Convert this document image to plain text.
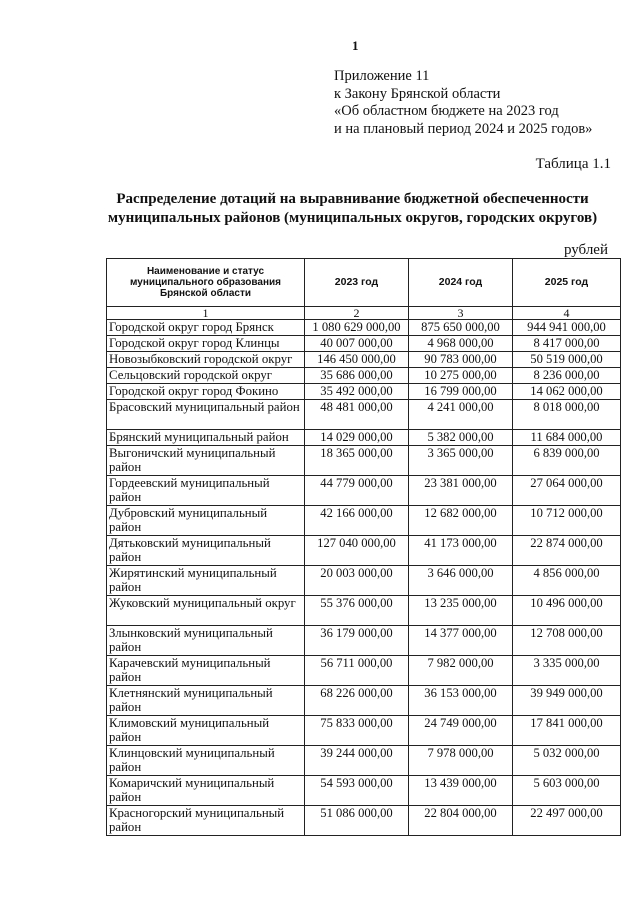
1
Приложение 11
к Закону Брянской области
«Об областном бюджете на 2023 год
и на плановый период 2024 и 2025 годов»
Таблица 1.1
Распределение дотаций на выравнивание бюджетной обеспеченности
муниципальных районов (муниципальных округов, городских округов)
рублей
Наименование и статус муниципального образования Брянской области	2023 год	2024 год	2025 год
1	2	3	4
Городской округ город Брянск	1 080 629 000,00	875 650 000,00	944 941 000,00
Городской округ город Клинцы	40 007 000,00	4 968 000,00	8 417 000,00
Новозыбковский городской округ	146 450 000,00	90 783 000,00	50 519 000,00
Сельцовский городской округ	35 686 000,00	10 275 000,00	8 236 000,00
Городской округ город Фокино	35 492 000,00	16 799 000,00	14 062 000,00
Брасовский муниципальный район	48 481 000,00	4 241 000,00	8 018 000,00
Брянский муниципальный район	14 029 000,00	5 382 000,00	11 684 000,00
Выгоничский муниципальный район	18 365 000,00	3 365 000,00	6 839 000,00
Гордеевский муниципальный район	44 779 000,00	23 381 000,00	27 064 000,00
Дубровский муниципальный район	42 166 000,00	12 682 000,00	10 712 000,00
Дятьковский муниципальный район	127 040 000,00	41 173 000,00	22 874 000,00
Жирятинский муниципальный район	20 003 000,00	3 646 000,00	4 856 000,00
Жуковский муниципальный округ	55 376 000,00	13 235 000,00	10 496 000,00
Злынковский муниципальный район	36 179 000,00	14 377 000,00	12 708 000,00
Карачевский муниципальный район	56 711 000,00	7 982 000,00	3 335 000,00
Клетнянский муниципальный район	68 226 000,00	36 153 000,00	39 949 000,00
Климовский муниципальный район	75 833 000,00	24 749 000,00	17 841 000,00
Клинцовский муниципальный район	39 244 000,00	7 978 000,00	5 032 000,00
Комаричский муниципальный район	54 593 000,00	13 439 000,00	5 603 000,00
Красногорский муниципальный район	51 086 000,00	22 804 000,00	22 497 000,00
